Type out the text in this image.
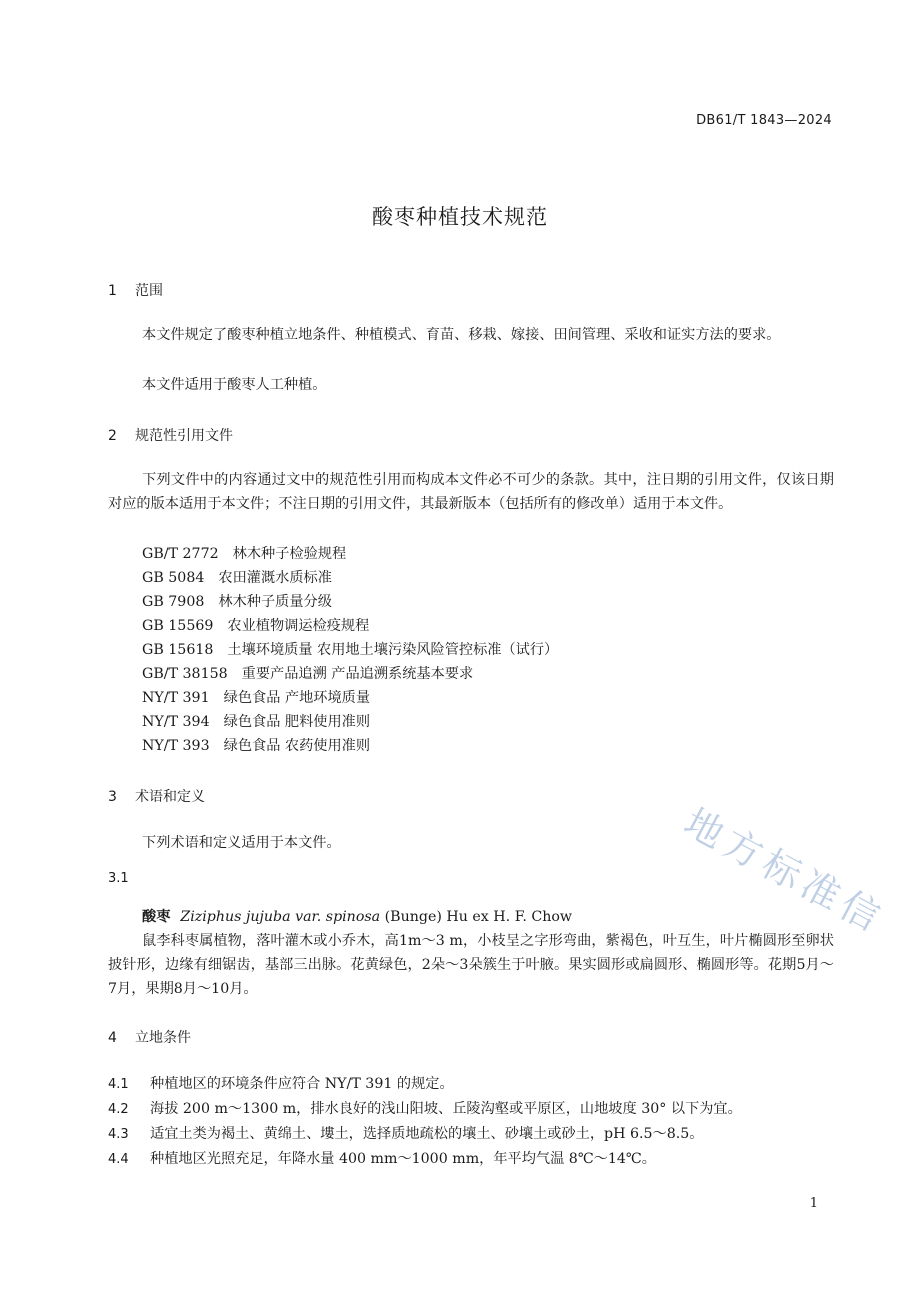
DB61/T 1843—2024
酸枣种植技术规范
1 范围
本文件规定了酸枣种植立地条件、种植模式、育苗、移栽、嫁接、田间管理、采收和证实方法的要求。
本文件适用于酸枣人工种植。
2 规范性引用文件
下列文件中的内容通过文中的规范性引用而构成本文件必不可少的条款。其中，注日期的引用文件，仅该日期对应的版本适用于本文件；不注日期的引用文件，其最新版本（包括所有的修改单）适用于本文件。
GB/T 2772 林木种子检验规程
GB 5084 农田灌溉水质标准
GB 7908 林木种子质量分级
GB 15569 农业植物调运检疫规程
GB 15618 土壤环境质量 农用地土壤污染风险管控标准（试行）
GB/T 38158 重要产品追溯 产品追溯系统基本要求
NY/T 391 绿色食品 产地环境质量
NY/T 394 绿色食品 肥料使用准则
NY/T 393 绿色食品 农药使用准则
3 术语和定义
下列术语和定义适用于本文件。
3.1
酸枣 Ziziphus jujuba var. spinosa (Bunge) Hu ex H. F. Chow
鼠李科枣属植物，落叶灌木或小乔木，高1m～3 m，小枝呈之字形弯曲，紫褐色，叶互生，叶片椭圆形至卵状披针形，边缘有细锯齿，基部三出脉。花黄绿色，2朵～3朵簇生于叶腋。果实圆形或扁圆形、椭圆形等。花期5月～7月，果期8月～10月。
4 立地条件
4.1 种植地区的环境条件应符合 NY/T 391 的规定。
4.2 海拔 200 m～1300 m，排水良好的浅山阳坡、丘陵沟壑或平原区，山地坡度 30° 以下为宜。
4.3 适宜土类为褐土、黄绵土、塿土，选择质地疏松的壤土、砂壤土或砂土，pH 6.5～8.5。
4.4 种植地区光照充足，年降水量 400 mm～1000 mm，年平均气温 8℃～14℃。
地方标准信
1
